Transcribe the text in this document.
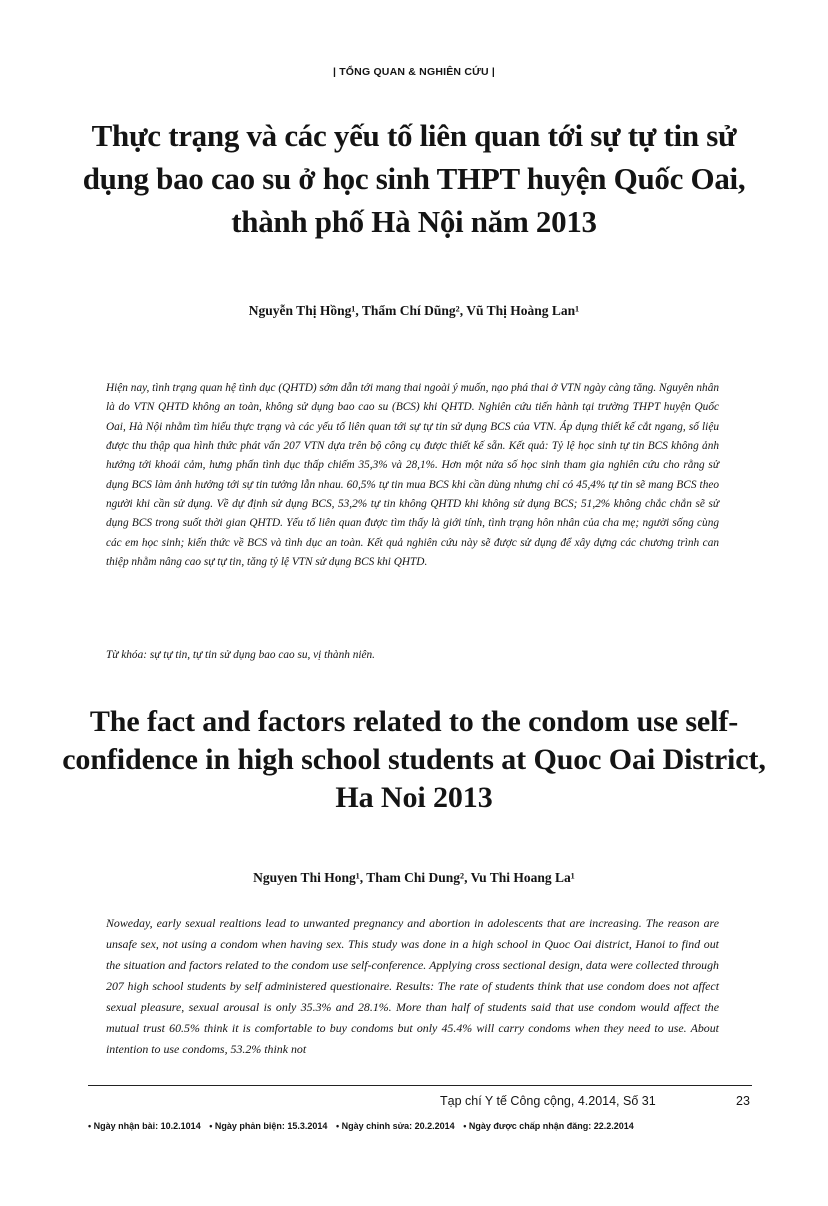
| TỔNG QUAN & NGHIÊN CỨU |
Thực trạng và các yếu tố liên quan tới sự tự tin sử dụng bao cao su ở học sinh THPT huyện Quốc Oai, thành phố Hà Nội năm 2013
Nguyễn Thị Hồng¹, Thẩm Chí Dũng², Vũ Thị Hoàng Lan¹
Hiện nay, tình trạng quan hệ tình dục (QHTD) sớm dẫn tới mang thai ngoài ý muốn, nạo phá thai ở VTN ngày càng tăng. Nguyên nhân là do VTN QHTD không an toàn, không sử dụng bao cao su (BCS) khi QHTD. Nghiên cứu tiến hành tại trường THPT huyện Quốc Oai, Hà Nội nhằm tìm hiểu thực trạng và các yếu tố liên quan tới sự tự tin sử dụng BCS của VTN. Áp dụng thiết kế cắt ngang, số liệu được thu thập qua hình thức phát vấn 207 VTN dựa trên bộ công cụ được thiết kế sẵn. Kết quả: Tỷ lệ học sinh tự tin BCS không ảnh hưởng tới khoái cảm, hưng phấn tình dục thấp chiếm 35,3% và 28,1%. Hơn một nửa số học sinh tham gia nghiên cứu cho rằng sử dụng BCS làm ảnh hưởng tới sự tin tưởng lẫn nhau. 60,5% tự tin mua BCS khi cần dùng nhưng chỉ có 45,4% tự tin sẽ mang BCS theo người khi cần sử dụng. Về dự định sử dụng BCS, 53,2% tự tin không QHTD khi không sử dụng BCS; 51,2% không chắc chắn sẽ sử dụng BCS trong suốt thời gian QHTD. Yếu tố liên quan được tìm thấy là giới tính, tình trạng hôn nhân của cha mẹ; người sống cùng các em học sinh; kiến thức về BCS và tình dục an toàn. Kết quả nghiên cứu này sẽ được sử dụng để xây dựng các chương trình can thiệp nhằm nâng cao sự tự tin, tăng tỷ lệ VTN sử dụng BCS khi QHTD.
Từ khóa: sự tự tin, tự tin sử dụng bao cao su, vị thành niên.
The fact and factors related to the condom use self-confidence in high school students at Quoc Oai District, Ha Noi 2013
Nguyen Thi Hong¹, Tham Chi Dung², Vu Thi Hoang La¹
Noweday, early sexual realtions lead to unwanted pregnancy and abortion in adolescents that are increasing. The reason are unsafe sex, not using a condom when having sex. This study was done in a high school in Quoc Oai district, Hanoi to find out the situation and factors related to the condom use self-conference. Applying cross sectional design, data were collected through 207 high school students by self administered questionaire. Results: The rate of students think that use condom does not affect sexual pleasure, sexual arousal is only 35.3% and 28.1%. More than half of students said that use condom would affect the mutual trust 60.5% think it is comfortable to buy condoms but only 45.4% will carry condoms when they need to use. About intention to use condoms, 53.2% think not
Tạp chí Y tế Công cộng, 4.2014, Số 31	23
• Ngày nhận bài: 10.2.1014 • Ngày phản biện: 15.3.2014 • Ngày chỉnh sửa: 20.2.2014 • Ngày được chấp nhận đăng: 22.2.2014
